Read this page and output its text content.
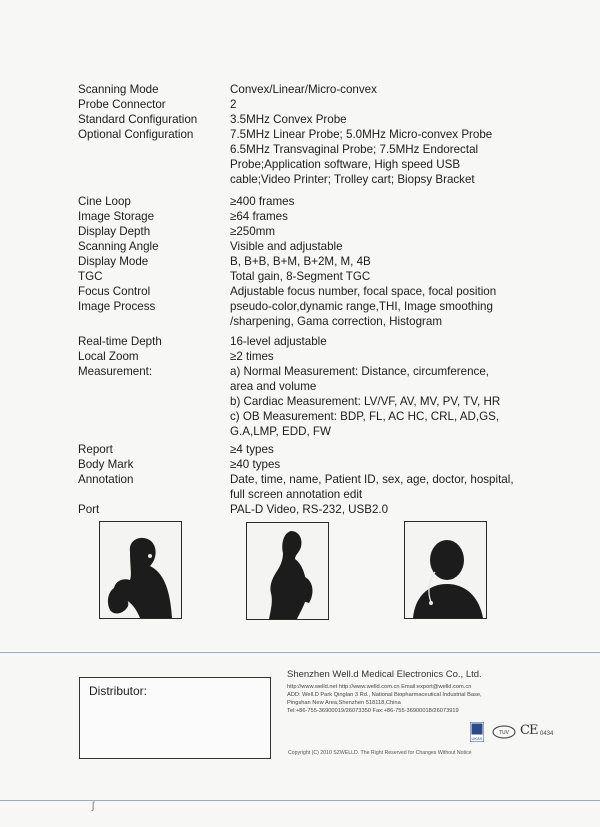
Scanning Mode	Convex/Linear/Micro-convex
Probe Connector	2
Standard Configuration	3.5MHz Convex Probe
Optional Configuration	7.5MHz Linear Probe; 5.0MHz Micro-convex Probe
6.5MHz Transvaginal Probe; 7.5MHz Endorectal
Probe;Application software, High speed USB
cable;Video Printer; Trolley cart; Biopsy Bracket
Cine Loop	≥400 frames
Image Storage	≥64 frames
Display Depth	≥250mm
Scanning Angle	Visible and adjustable
Display Mode	B, B+B, B+M, B+2M, M, 4B
TGC	Total gain, 8-Segment TGC
Focus Control	Adjustable focus number, focal space, focal position
Image Process	pseudo-color,dynamic range,THI, Image smoothing
/sharpening, Gama correction, Histogram
Real-time Depth	16-level adjustable
Local Zoom	≥2 times
Measurement:	a) Normal Measurement: Distance, circumference,
area and volume
b) Cardiac Measurement: LV/VF, AV, MV, PV, TV, HR
c) OB Measurement: BDP, FL, AC HC, CRL, AD,GS,
G.A,LMP, EDD, FW
Report	≥4 types
Body Mark	≥40 types
Annotation	Date, time, name, Patient ID, sex, age, doctor, hospital,
full screen annotation edit
Port	PAL-D Video, RS-232, USB2.0
Distributor:
Shenzhen Well.d Medical Electronics Co., Ltd.
http://www.welld.net http://www.welld.com.cn Email:export@welld.com.cn
ADD: Well.D Park Qinglan 3 Rd., National Biopharmaceutical Industrial Base,
Pingshan New Area,Shenzhen 518118,China
Tel:+86-755-36900019/26073350 Fax:+86-755-36900018/26073919
UKAS
TUV CE 0434
Copyright (C) 2010 SZWELLD. The Right Reserved for Changes Without Notice
ʃ
